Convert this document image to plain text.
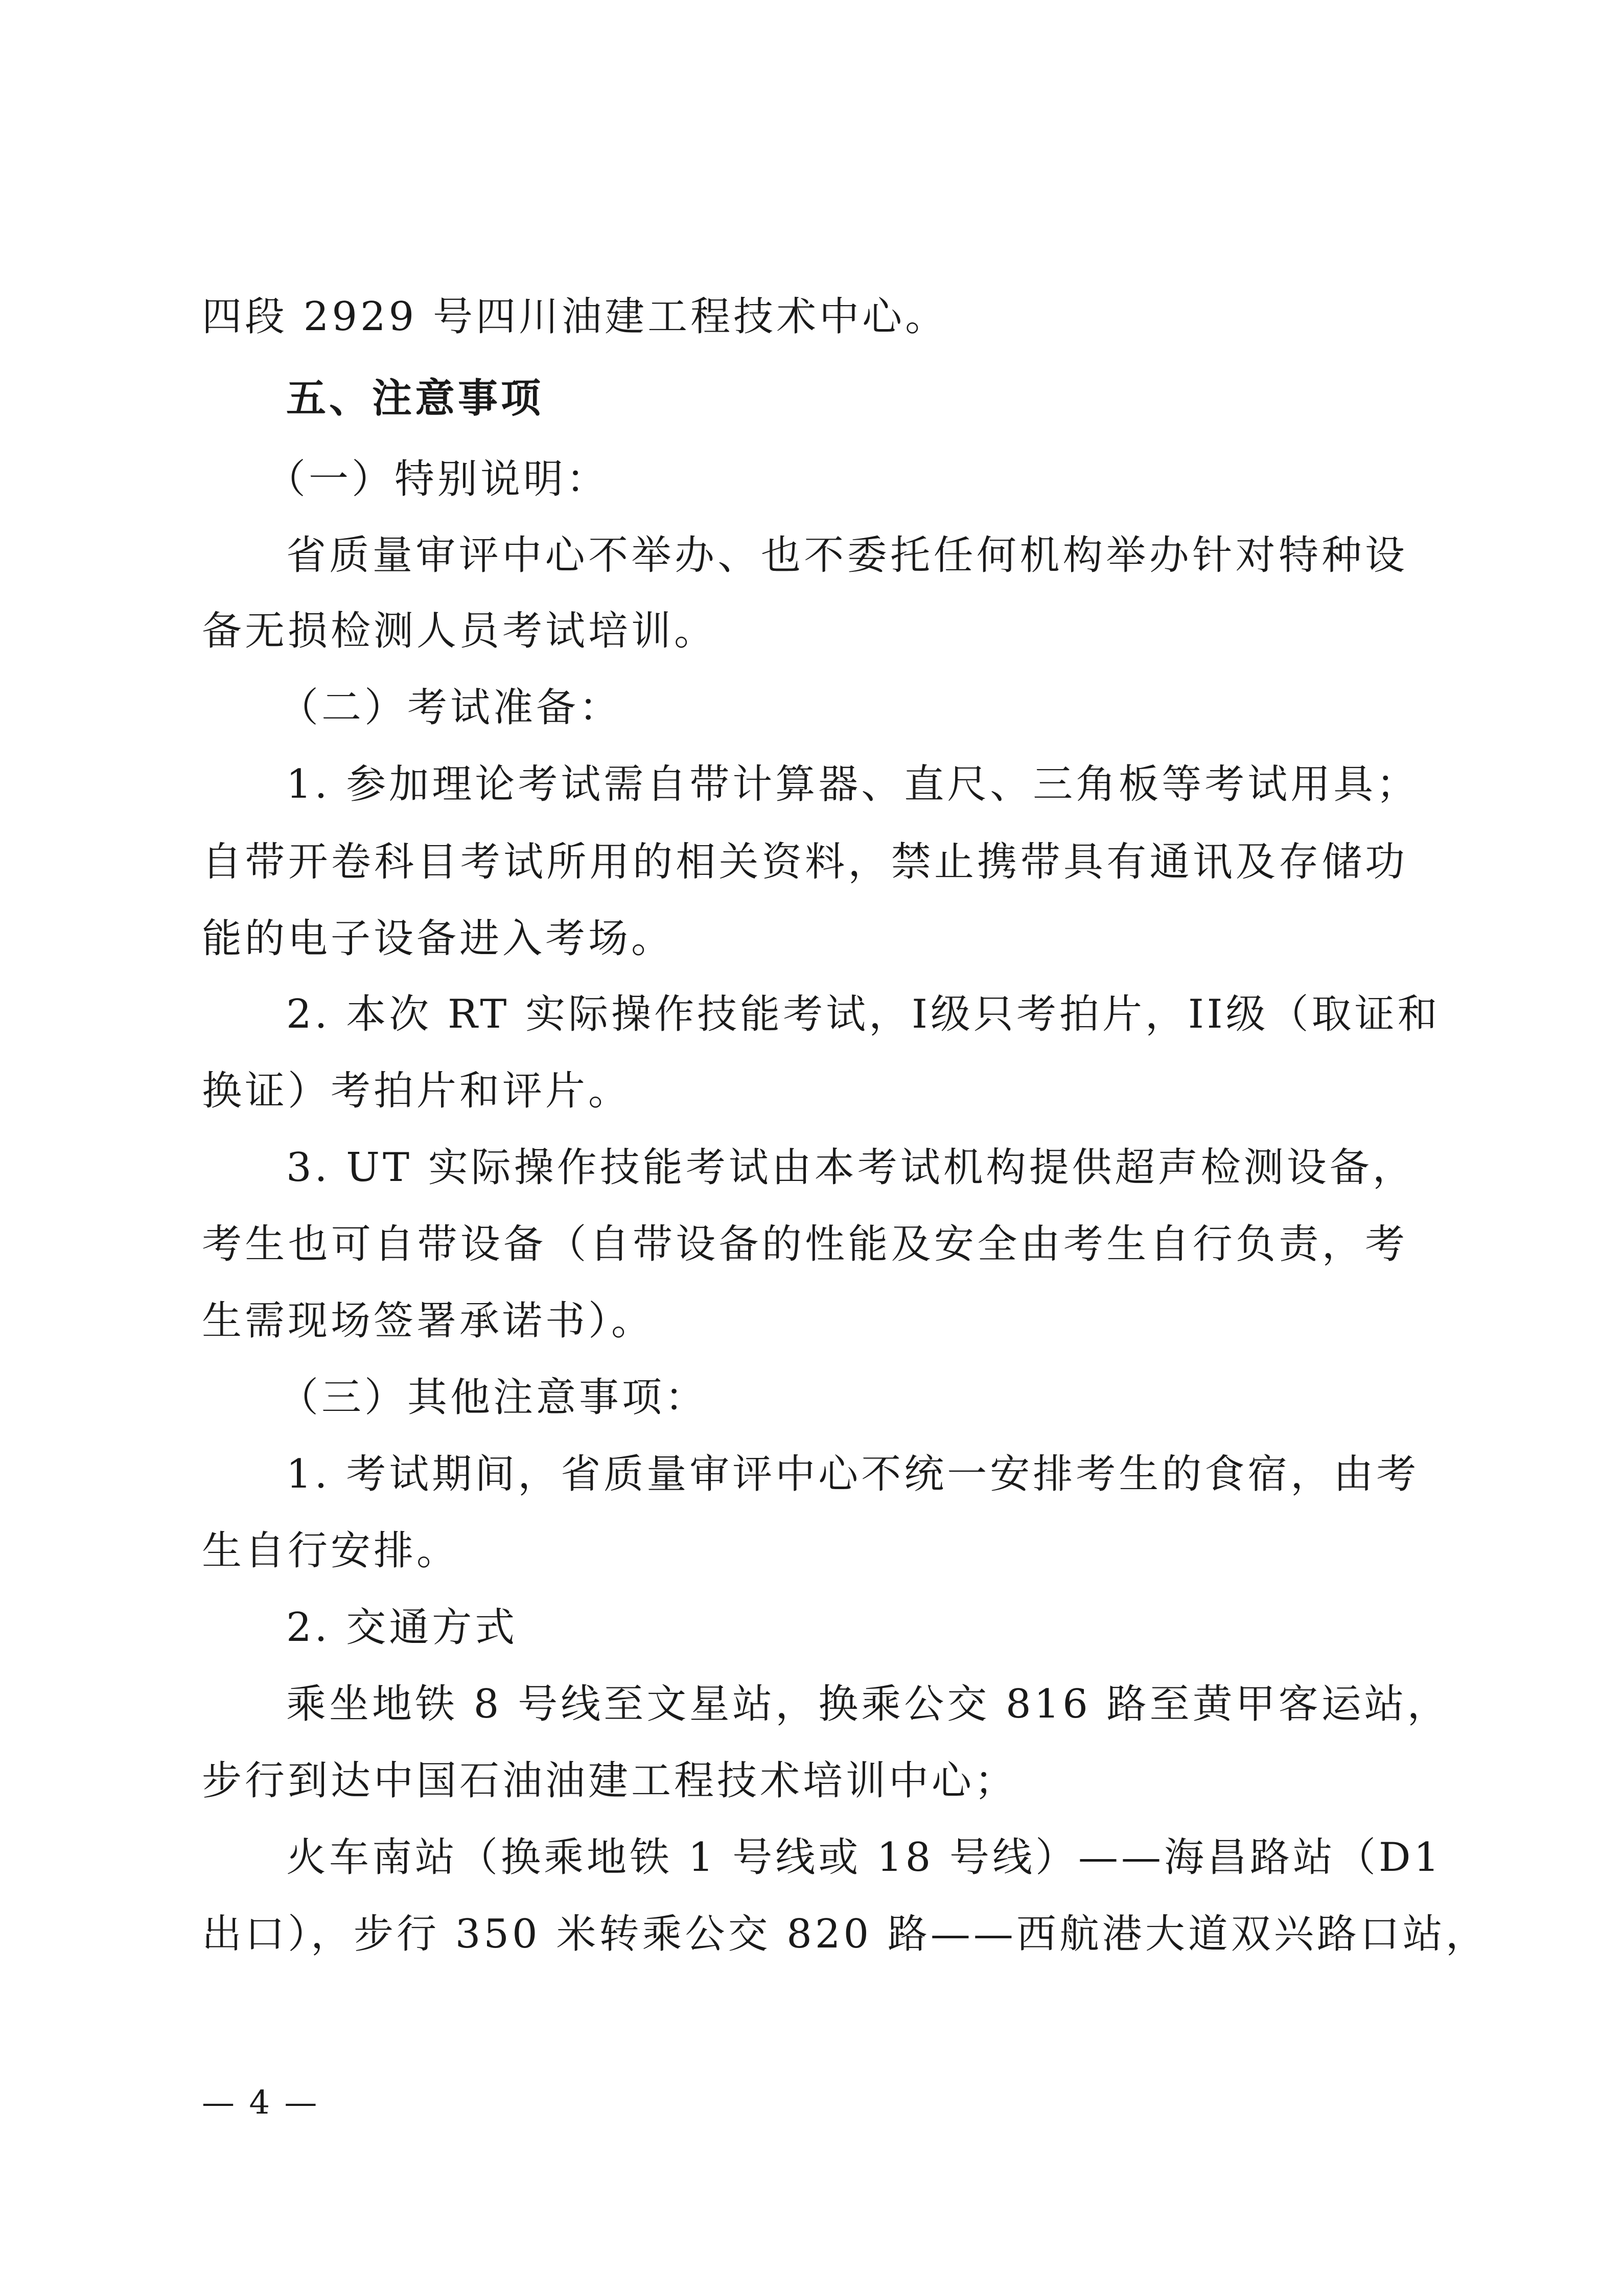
四段 2929 号四川油建工程技术中心。
五、注意事项
（一）特别说明：
省质量审评中心不举办、也不委托任何机构举办针对特种设
备无损检测人员考试培训。
（二）考试准备：
1. 参加理论考试需自带计算器、直尺、三角板等考试用具；
自带开卷科目考试所用的相关资料，禁止携带具有通讯及存储功
能的电子设备进入考场。
2. 本次 RT 实际操作技能考试，I级只考拍片，II级（取证和
换证）考拍片和评片。
3. UT 实际操作技能考试由本考试机构提供超声检测设备，
考生也可自带设备（自带设备的性能及安全由考生自行负责，考
生需现场签署承诺书）。
（三）其他注意事项：
1. 考试期间，省质量审评中心不统一安排考生的食宿，由考
生自行安排。
2. 交通方式
乘坐地铁 8 号线至文星站，换乘公交 816 路至黄甲客运站，
步行到达中国石油油建工程技术培训中心；
火车南站（换乘地铁 1 号线或 18 号线）——海昌路站（D1
出口），步行 350 米转乘公交 820 路——西航港大道双兴路口站，
— 4 —
